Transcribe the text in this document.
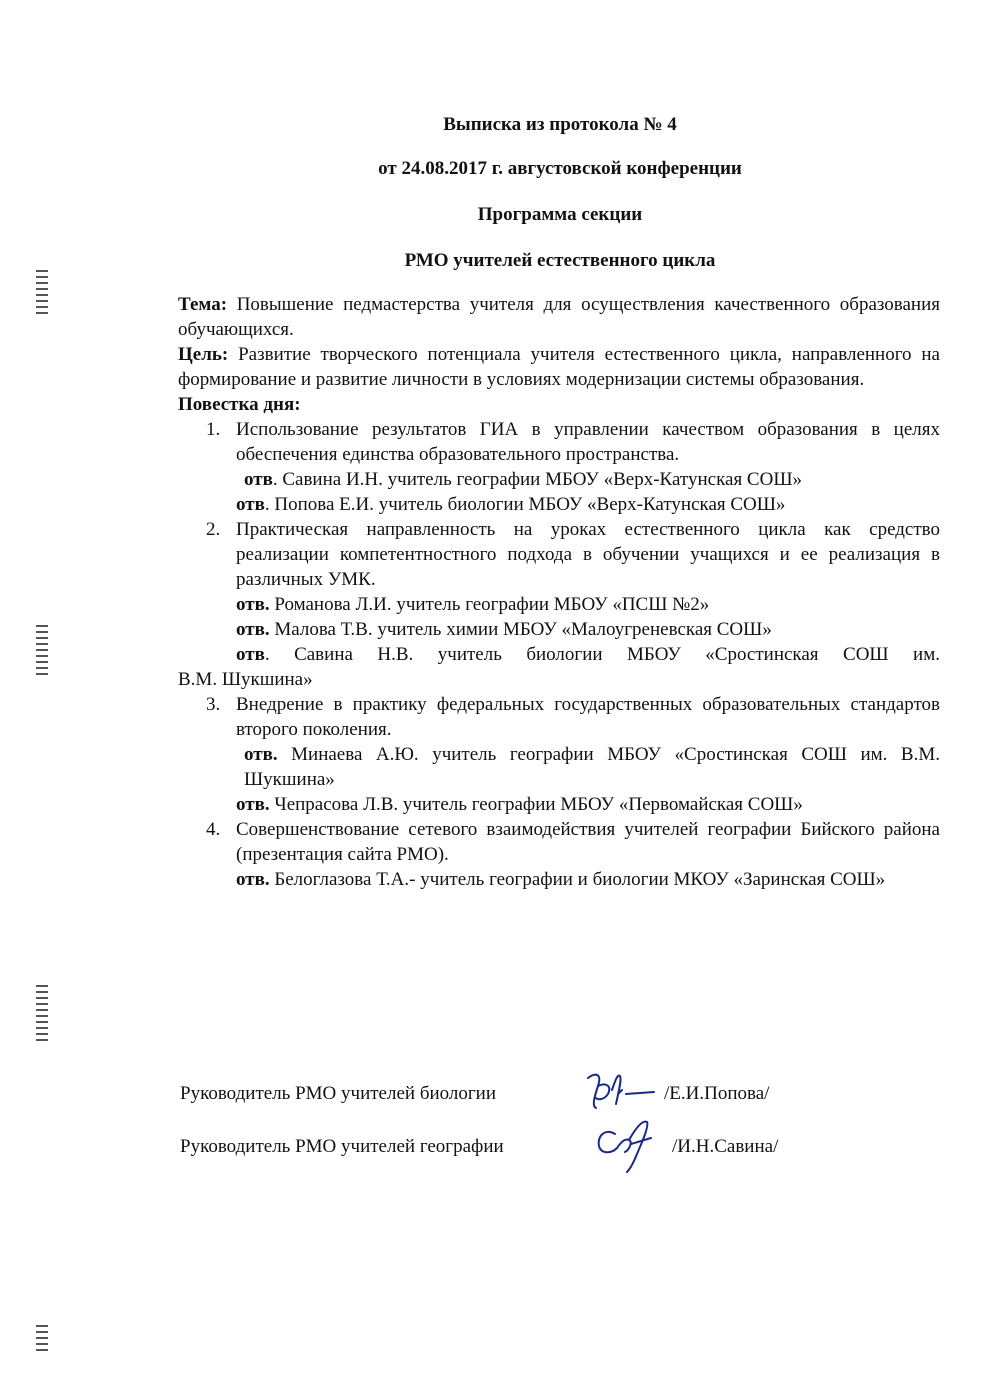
Выписка из протокола № 4
от 24.08.2017 г. августовской конференции
Программа секции
РМО учителей естественного цикла

Тема: Повышение педмастерства учителя для осуществления качественного образования обучающихся.

Цель: Развитие творческого потенциала учителя естественного цикла, направленного на формирование и развитие личности в условиях модернизации системы образования.

Повестка дня:

1. Использование результатов ГИА в управлении качеством образования в целях обеспечения единства образовательного пространства.
отв. Савина И.Н. учитель географии МБОУ «Верх-Катунская СОШ»
отв. Попова Е.И. учитель биологии МБОУ «Верх-Катунская СОШ»
2. Практическая направленность на уроках естественного цикла как средство реализации компетентностного подхода в обучении учащихся и ее реализация в различных УМК.
отв. Романова Л.И. учитель географии МБОУ «ПСШ №2»
отв. Малова Т.В. учитель химии МБОУ «Малоугреневская СОШ»
отв. Савина Н.В. учитель биологии МБОУ «Сростинская СОШ им.
В.М. Шукшина»
3. Внедрение в практику федеральных государственных образовательных стандартов второго поколения.
отв. Минаева А.Ю. учитель географии МБОУ «Сростинская СОШ им. В.М. Шукшина»
отв. Чепрасова Л.В. учитель географии МБОУ «Первомайская СОШ»
4. Совершенствование сетевого взаимодействия учителей географии Бийского района (презентация сайта РМО).
отв. Белоглазова Т.А.- учитель географии и биологии МКОУ «Заринская СОШ»
Руководитель РМО учителей биологии	/Е.И.Попова/
Руководитель РМО учителей географии	/И.Н.Савина/
